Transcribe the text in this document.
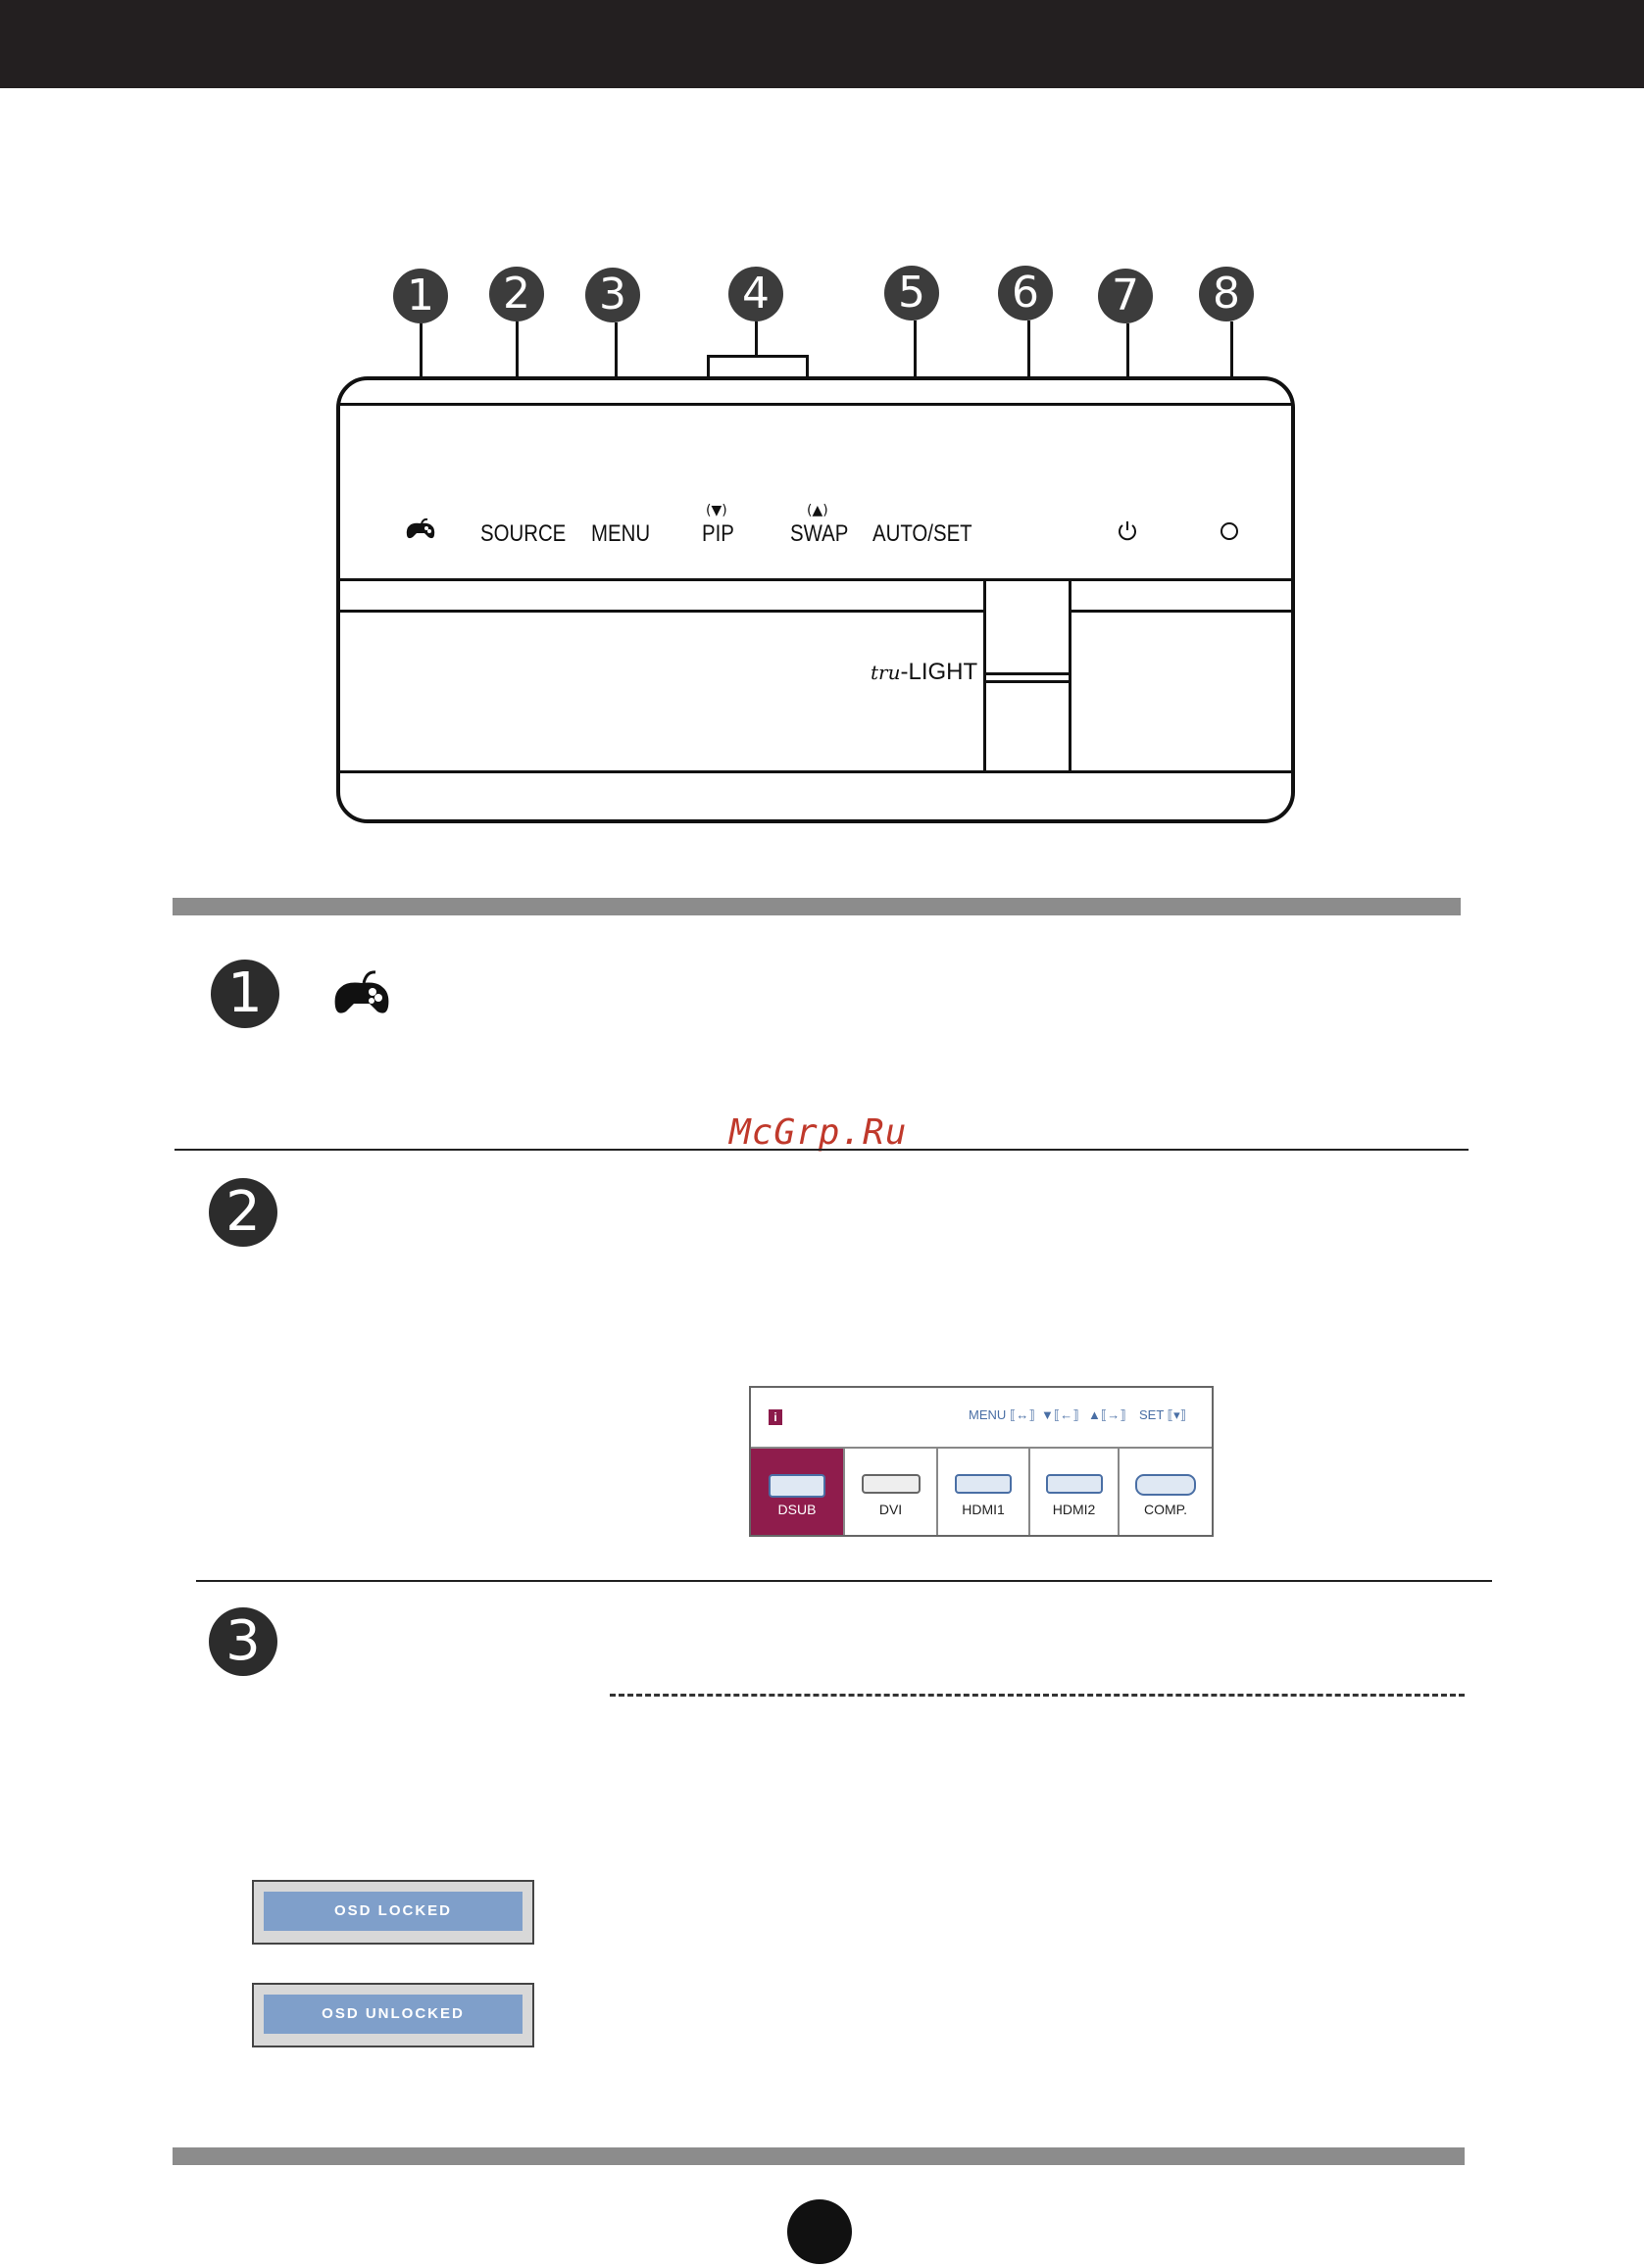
1	2	3	4	5	6	7	8
SOURCE MENU
(▼)
PIP
(▲)
SWAP AUTO/SET
tru-LIGHT
1
McGrp.Ru
2
i	MENU ⟦↔⟧ ▼⟦←⟧ ▲⟦→⟧ SET ⟦▾⟧
DSUB	DVI	HDMI1	HDMI2	COMP.
3
OSD LOCKED
OSD UNLOCKED
